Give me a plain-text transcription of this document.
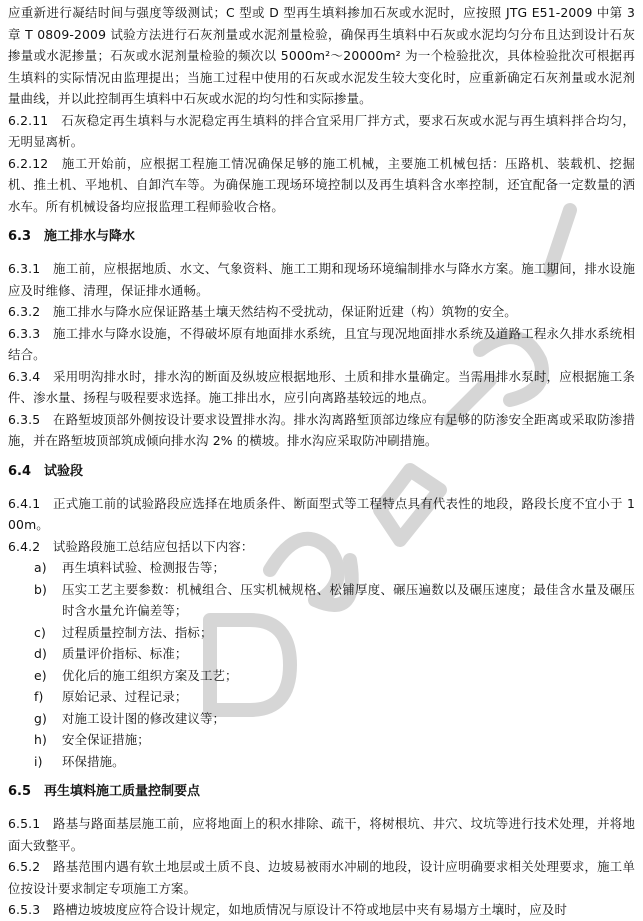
应重新进行凝结时间与强度等级测试；C 型或 D 型再生填料掺加石灰或水泥时，应按照 JTG E51-2009 中第 3 章 T 0809-2009 试验方法进行石灰剂量或水泥剂量检验，确保再生填料中石灰或水泥均匀分布且达到设计石灰掺量或水泥掺量；石灰或水泥剂量检验的频次以 5000m²～20000m² 为一个检验批次，具体检验批次可根据再生填料的实际情况由监理提出；当施工过程中使用的石灰或水泥发生较大变化时，应重新确定石灰剂量或水泥剂量曲线，并以此控制再生填料中石灰或水泥的均匀性和实际掺量。

6.2.11　石灰稳定再生填料与水泥稳定再生填料的拌合宜采用厂拌方式，要求石灰或水泥与再生填料拌合均匀，无明显离析。

6.2.12　施工开始前，应根据工程施工情况确保足够的施工机械，主要施工机械包括：压路机、装载机、挖掘机、推土机、平地机、自卸汽车等。为确保施工现场环境控制以及再生填料含水率控制，还宜配备一定数量的洒水车。所有机械设备均应报监理工程师验收合格。

6.3　施工排水与降水

6.3.1　施工前，应根据地质、水文、气象资料、施工工期和现场环境编制排水与降水方案。施工期间，排水设施应及时维修、清理，保证排水通畅。

6.3.2　施工排水与降水应保证路基土壤天然结构不受扰动，保证附近建（构）筑物的安全。

6.3.3　施工排水与降水设施，不得破坏原有地面排水系统，且宜与现况地面排水系统及道路工程永久排水系统相结合。

6.3.4　采用明沟排水时，排水沟的断面及纵坡应根据地形、土质和排水量确定。当需用排水泵时，应根据施工条件、渗水量、扬程与吸程要求选择。施工排出水，应引向离路基较远的地点。

6.3.5　在路堑坡顶部外侧按设计要求设置排水沟。排水沟离路堑顶部边缘应有足够的防渗安全距离或采取防渗措施，并在路堑坡顶部筑成倾向排水沟 2% 的横坡。排水沟应采取防冲刷措施。

6.4　试验段

6.4.1　正式施工前的试验路段应选择在地质条件、断面型式等工程特点具有代表性的地段，路段长度不宜小于 100m。

6.4.2　试验路段施工总结应包括以下内容：

a)	再生填料试验、检测报告等；
b)	压实工艺主要参数：机械组合、压实机械规格、松铺厚度、碾压遍数以及碾压速度；最佳含水量及碾压时含水量允许偏差等；
c)	过程质量控制方法、指标；
d)	质量评价指标、标准；
e)	优化后的施工组织方案及工艺；
f)	原始记录、过程记录；
g)	对施工设计图的修改建议等；
h)	安全保证措施；
i)	环保措施。
6.5　再生填料施工质量控制要点

6.5.1　路基与路面基层施工前，应将地面上的积水排除、疏干，将树根坑、井穴、坟坑等进行技术处理，并将地面大致整平。

6.5.2　路基范围内遇有软土地层或土质不良、边坡易被雨水冲刷的地段，设计应明确要求相关处理要求，施工单位按设计要求制定专项施工方案。

6.5.3　路槽边坡坡度应符合设计规定，如地质情况与原设计不符或地层中夹有易塌方土壤时，应及时
